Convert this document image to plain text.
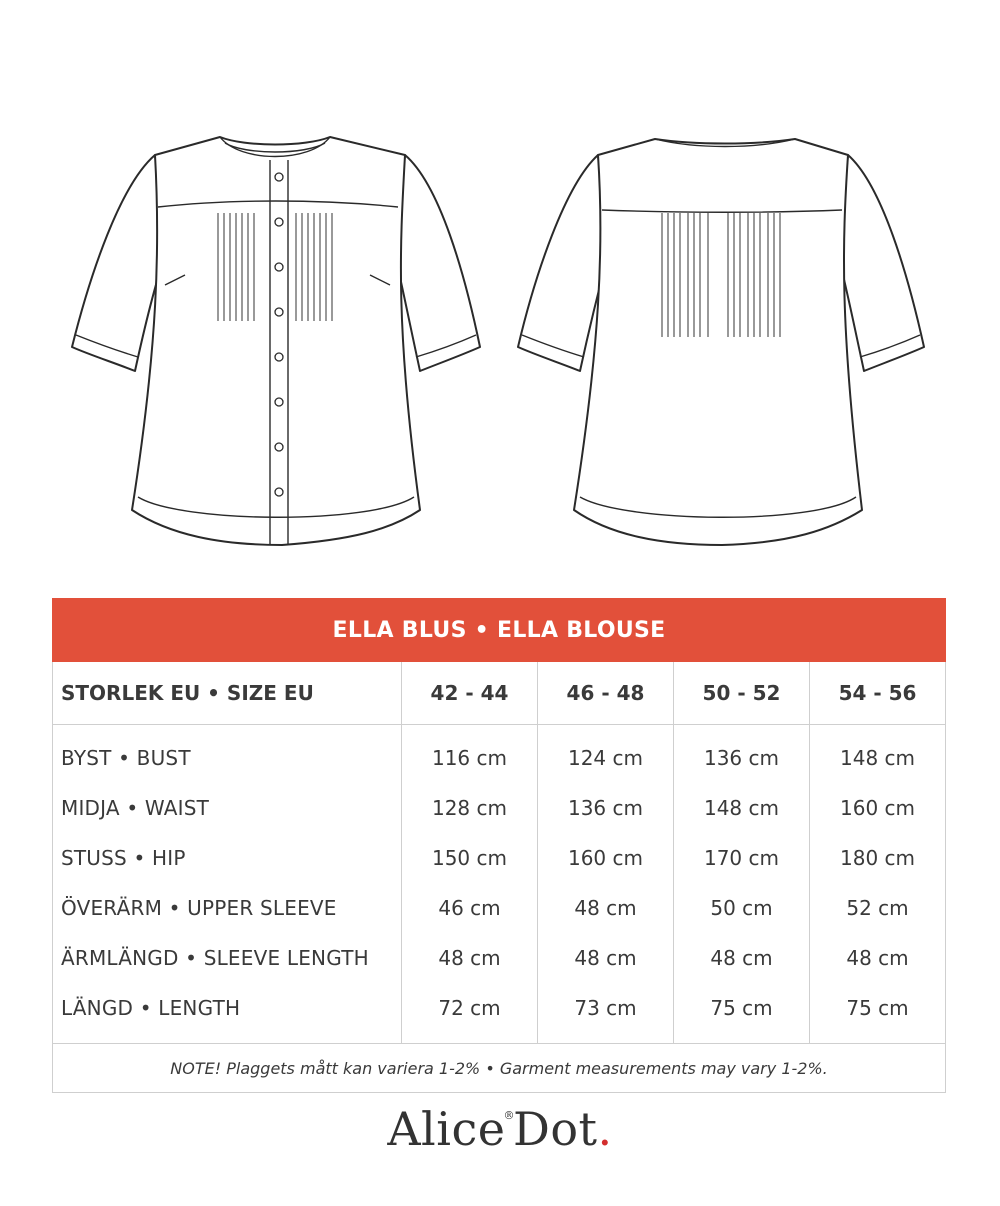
ELLA BLUS • ELLA BLOUSE				
STORLEK EU • SIZE EU	42 - 44	46 - 48	50 - 52	54 - 56
BYST • BUST	116 cm	124 cm	136 cm	148 cm
MIDJA • WAIST	128 cm	136 cm	148 cm	160 cm
STUSS • HIP	150 cm	160 cm	170 cm	180 cm
ÖVERÄRM • UPPER SLEEVE	46 cm	48 cm	50 cm	52 cm
ÄRMLÄNGD • SLEEVE LENGTH	48 cm	48 cm	48 cm	48 cm
LÄNGD • LENGTH	72 cm	73 cm	75 cm	75 cm
NOTE! Plaggets mått kan variera 1-2% • Garment measurements may vary 1-2%.				
Alice®Dot.
